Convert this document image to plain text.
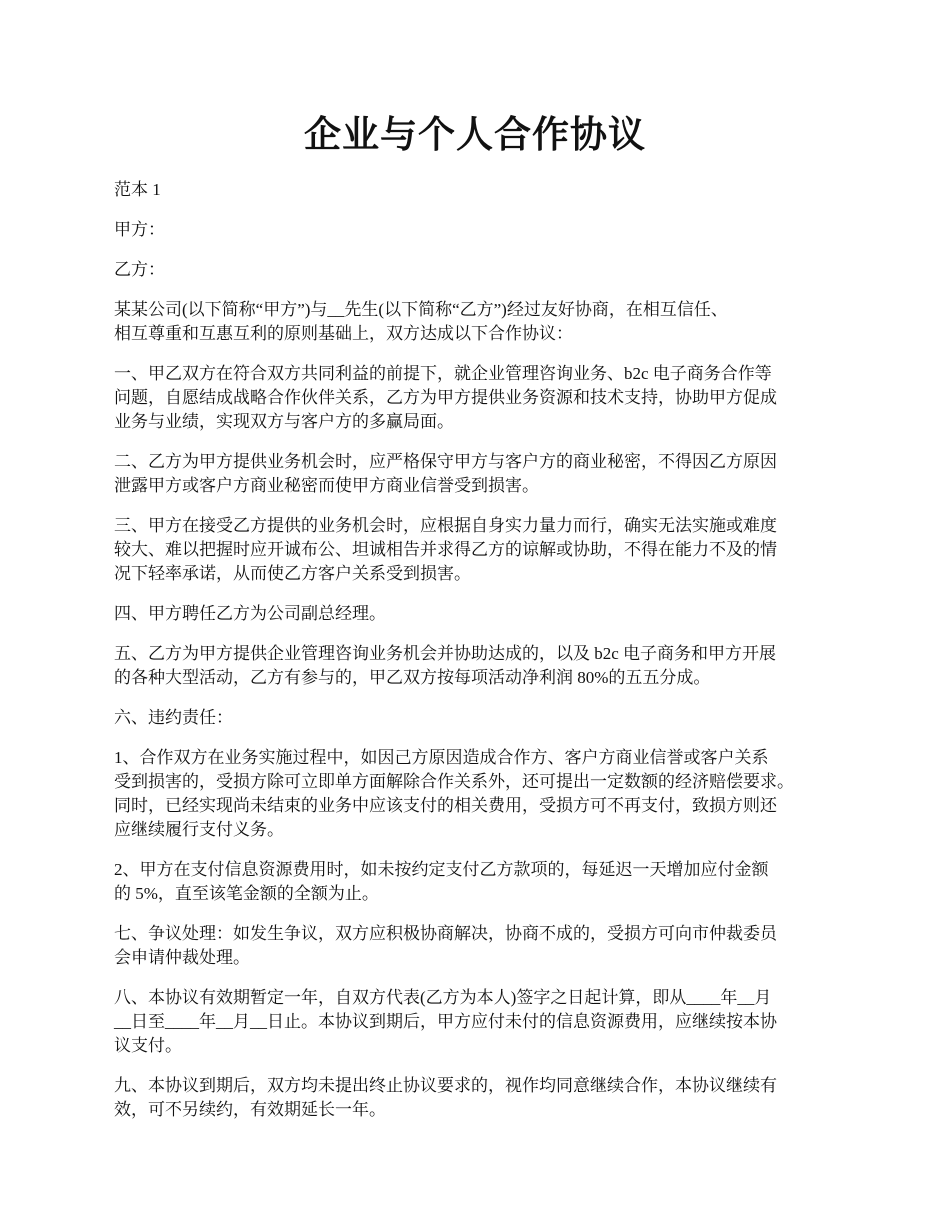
企业与个人合作协议

范本 1

甲方：

乙方：

某某公司(以下简称“甲方”)与__先生(以下简称“乙方”)经过友好协商，在相互信任、
相互尊重和互惠互利的原则基础上，双方达成以下合作协议：

一、甲乙双方在符合双方共同利益的前提下，就企业管理咨询业务、b2c 电子商务合作等
问题，自愿结成战略合作伙伴关系，乙方为甲方提供业务资源和技术支持，协助甲方促成
业务与业绩，实现双方与客户方的多赢局面。

二、乙方为甲方提供业务机会时，应严格保守甲方与客户方的商业秘密，不得因乙方原因
泄露甲方或客户方商业秘密而使甲方商业信誉受到损害。

三、甲方在接受乙方提供的业务机会时，应根据自身实力量力而行，确实无法实施或难度
较大、难以把握时应开诚布公、坦诚相告并求得乙方的谅解或协助，不得在能力不及的情
况下轻率承诺，从而使乙方客户关系受到损害。

四、甲方聘任乙方为公司副总经理。

五、乙方为甲方提供企业管理咨询业务机会并协助达成的，以及 b2c 电子商务和甲方开展
的各种大型活动，乙方有参与的，甲乙双方按每项活动净利润 80%的五五分成。

六、违约责任：

1、合作双方在业务实施过程中，如因己方原因造成合作方、客户方商业信誉或客户关系
受到损害的，受损方除可立即单方面解除合作关系外，还可提出一定数额的经济赔偿要求。
同时，已经实现尚未结束的业务中应该支付的相关费用，受损方可不再支付，致损方则还
应继续履行支付义务。

2、甲方在支付信息资源费用时，如未按约定支付乙方款项的，每延迟一天增加应付金额
的 5%，直至该笔金额的全额为止。

七、争议处理：如发生争议，双方应积极协商解决，协商不成的，受损方可向市仲裁委员
会申请仲裁处理。

八、本协议有效期暂定一年，自双方代表(乙方为本人)签字之日起计算，即从____年__月
__日至____年__月__日止。本协议到期后，甲方应付未付的信息资源费用，应继续按本协
议支付。

九、本协议到期后，双方均未提出终止协议要求的，视作均同意继续合作，本协议继续有
效，可不另续约，有效期延长一年。
